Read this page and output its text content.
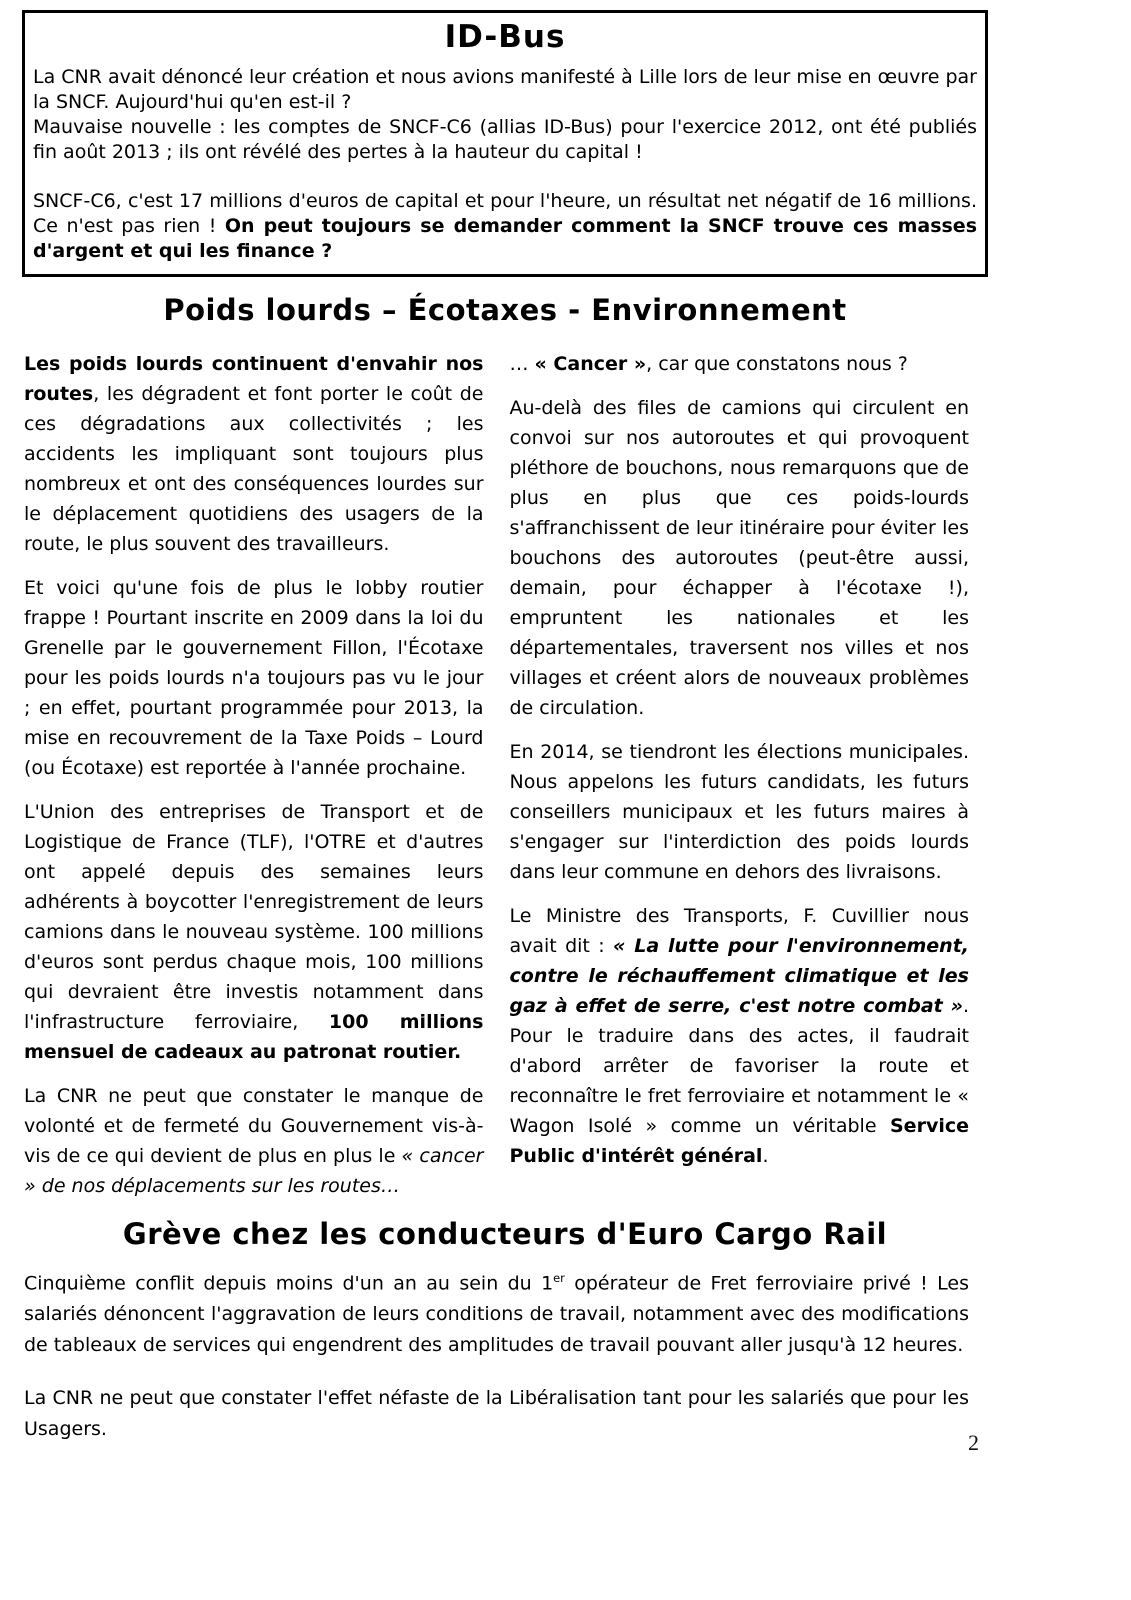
ID-Bus

La CNR avait dénoncé leur création et nous avions manifesté à Lille lors de leur mise en œuvre par la SNCF. Aujourd'hui qu'en est-il ?

Mauvaise nouvelle : les comptes de SNCF-C6 (allias ID-Bus) pour l'exercice 2012, ont été publiés fin août 2013 ; ils ont révélé des pertes à la hauteur du capital !

SNCF-C6, c'est 17 millions d'euros de capital et pour l'heure, un résultat net négatif de 16 millions. Ce n'est pas rien ! On peut toujours se demander comment la SNCF trouve ces masses d'argent et qui les finance ?

Poids lourds – Écotaxes - Environnement

Les poids lourds continuent d'envahir nos routes, les dégradent et font porter le coût de ces dégradations aux collectivités ; les accidents les impliquant sont toujours plus nombreux et ont des conséquences lourdes sur le déplacement quotidiens des usagers de la route, le plus souvent des travailleurs.

Et voici qu'une fois de plus le lobby routier frappe ! Pourtant inscrite en 2009 dans la loi du Grenelle par le gouvernement Fillon, l'Écotaxe pour les poids lourds n'a toujours pas vu le jour ; en effet, pourtant programmée pour 2013, la mise en recouvrement de la Taxe Poids – Lourd (ou Écotaxe) est reportée à l'année prochaine.

L'Union des entreprises de Transport et de Logistique de France (TLF), l'OTRE et d'autres ont appelé depuis des semaines leurs adhérents à boycotter l'enregistrement de leurs camions dans le nouveau système. 100 millions d'euros sont perdus chaque mois, 100 millions qui devraient être investis notamment dans l'infrastructure ferroviaire, 100 millions mensuel de cadeaux au patronat routier.

La CNR ne peut que constater le manque de volonté et de fermeté du Gouvernement vis-à-vis de ce qui devient de plus en plus le « cancer » de nos déplacements sur les routes…

… « Cancer », car que constatons nous ?

Au-delà des files de camions qui circulent en convoi sur nos autoroutes et qui provoquent pléthore de bouchons, nous remarquons que de plus en plus que ces poids-lourds s'affranchissent de leur itinéraire pour éviter les bouchons des autoroutes (peut-être aussi, demain, pour échapper à l'écotaxe !), empruntent les nationales et les départementales, traversent nos villes et nos villages et créent alors de nouveaux problèmes de circulation.

En 2014, se tiendront les élections municipales. Nous appelons les futurs candidats, les futurs conseillers municipaux et les futurs maires à s'engager sur l'interdiction des poids lourds dans leur commune en dehors des livraisons.

Le Ministre des Transports, F. Cuvillier nous avait dit : « La lutte pour l'environnement, contre le réchauffement climatique et les gaz à effet de serre, c'est notre combat ». Pour le traduire dans des actes, il faudrait d'abord arrêter de favoriser la route et reconnaître le fret ferroviaire et notamment le « Wagon Isolé » comme un véritable Service Public d'intérêt général.

Grève chez les conducteurs d'Euro Cargo Rail

Cinquième conflit depuis moins d'un an au sein du 1er opérateur de Fret ferroviaire privé ! Les salariés dénoncent l'aggravation de leurs conditions de travail, notamment avec des modifications de tableaux de services qui engendrent des amplitudes de travail pouvant aller jusqu'à 12 heures.

La CNR ne peut que constater l'effet néfaste de la Libéralisation tant pour les salariés que pour les Usagers.

2
